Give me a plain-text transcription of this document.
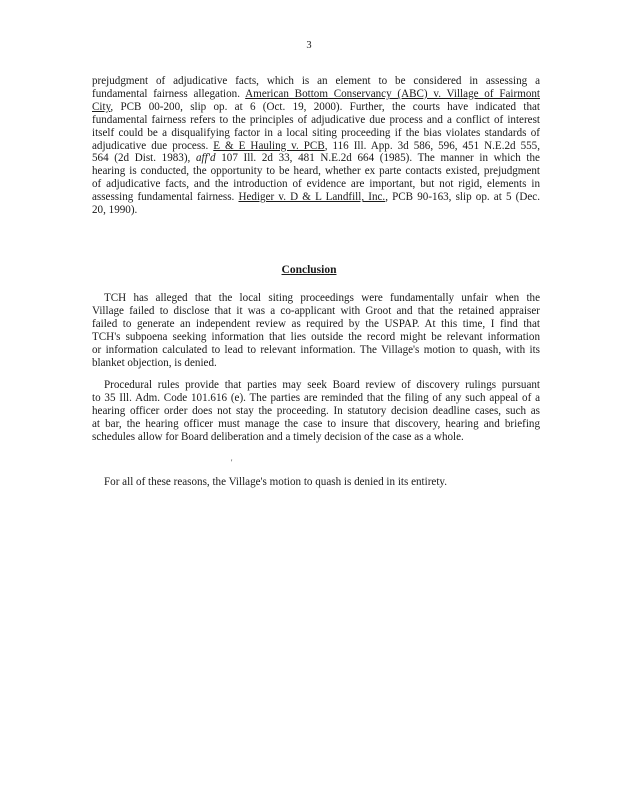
3

prejudgment of adjudicative facts, which is an element to be considered in assessing a
fundamental fairness allegation. American Bottom Conservancy (ABC) v. Village of Fairmont
City, PCB 00-200, slip op. at 6 (Oct. 19, 2000). Further, the courts have indicated that
fundamental fairness refers to the principles of adjudicative due process and a conflict of interest
itself could be a disqualifying factor in a local siting proceeding if the bias violates standards of
adjudicative due process. E & E Hauling v. PCB, 116 Ill. App. 3d 586, 596, 451 N.E.2d 555,
564 (2d Dist. 1983), aff'd 107 Ill. 2d 33, 481 N.E.2d 664 (1985). The manner in which the
hearing is conducted, the opportunity to be heard, whether ex parte contacts existed, prejudgment
of adjudicative facts, and the introduction of evidence are important, but not rigid, elements in
assessing fundamental fairness. Hediger v. D & L Landfill, Inc., PCB 90-163, slip op. at 5 (Dec.
20, 1990).

Conclusion

TCH has alleged that the local siting proceedings were fundamentally unfair when the
Village failed to disclose that it was a co-applicant with Groot and that the retained appraiser
failed to generate an independent review as required by the USPAP. At this time, I find that
TCH's subpoena seeking information that lies outside the record might be relevant information
or information calculated to lead to relevant information. The Village's motion to quash, with its
blanket objection, is denied.

Procedural rules provide that parties may seek Board review of discovery rulings pursuant
to 35 Ill. Adm. Code 101.616 (e). The parties are reminded that the filing of any such appeal of a
hearing officer order does not stay the proceeding. In statutory decision deadline cases, such as
at bar, the hearing officer must manage the case to insure that discovery, hearing and briefing
schedules allow for Board deliberation and a timely decision of the case as a whole.

'

For all of these reasons, the Village's motion to quash is denied in its entirety.
